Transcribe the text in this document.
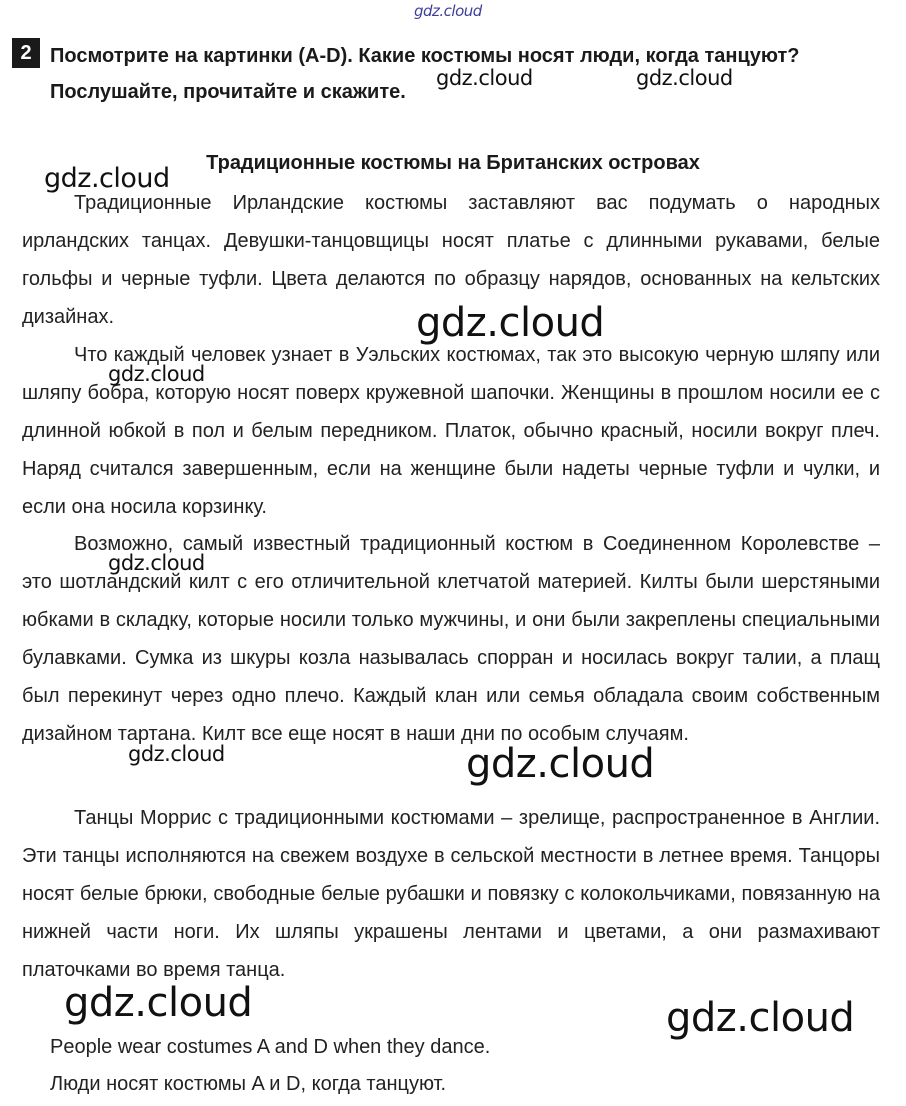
gdz.cloud
2 Посмотрите на картинки (A-D). Какие костюмы носят люди, когда танцуют? Послушайте, прочитайте и скажите.
Традиционные костюмы на Британских островах

Традиционные Ирландские костюмы заставляют вас подумать о народных ирландских танцах. Девушки-танцовщицы носят платье с длинными рукавами, белые гольфы и черные туфли. Цвета делаются по образцу нарядов, основанных на кельтских дизайнах.

Что каждый человек узнает в Уэльских костюмах, так это высокую черную шляпу или шляпу бобра, которую носят поверх кружевной шапочки. Женщины в прошлом носили ее с длинной юбкой в пол и белым передником. Платок, обычно красный, носили вокруг плеч. Наряд считался завершенным, если на женщине были надеты черные туфли и чулки, и если она носила корзинку.

Возможно, самый известный традиционный костюм в Соединенном Королевстве – это шотландский килт с его отличительной клетчатой материей. Килты были шерстяными юбками в складку, которые носили только мужчины, и они были закреплены специальными булавками. Сумка из шкуры козла называлась спорран и носилась вокруг талии, а плащ был перекинут через одно плечо. Каждый клан или семья обладала своим собственным дизайном тартана. Килт все еще носят в наши дни по особым случаям.

Танцы Моррис с традиционными костюмами – зрелище, распространенное в Англии. Эти танцы исполняются на свежем воздухе в сельской местности в летнее время. Танцоры носят белые брюки, свободные белые рубашки и повязку с колокольчиками, повязанную на нижней части ноги. Их шляпы украшены лентами и цветами, а они размахивают платочками во время танца.

People wear costumes A and D when they dance.
Люди носят костюмы A и D, когда танцуют.
gdz.cloud	gdz.cloud
gdz.cloud
gdz.cloud
gdz.cloud
gdz.cloud
gdz.cloud	gdz.cloud
gdz.cloud	gdz.cloud
